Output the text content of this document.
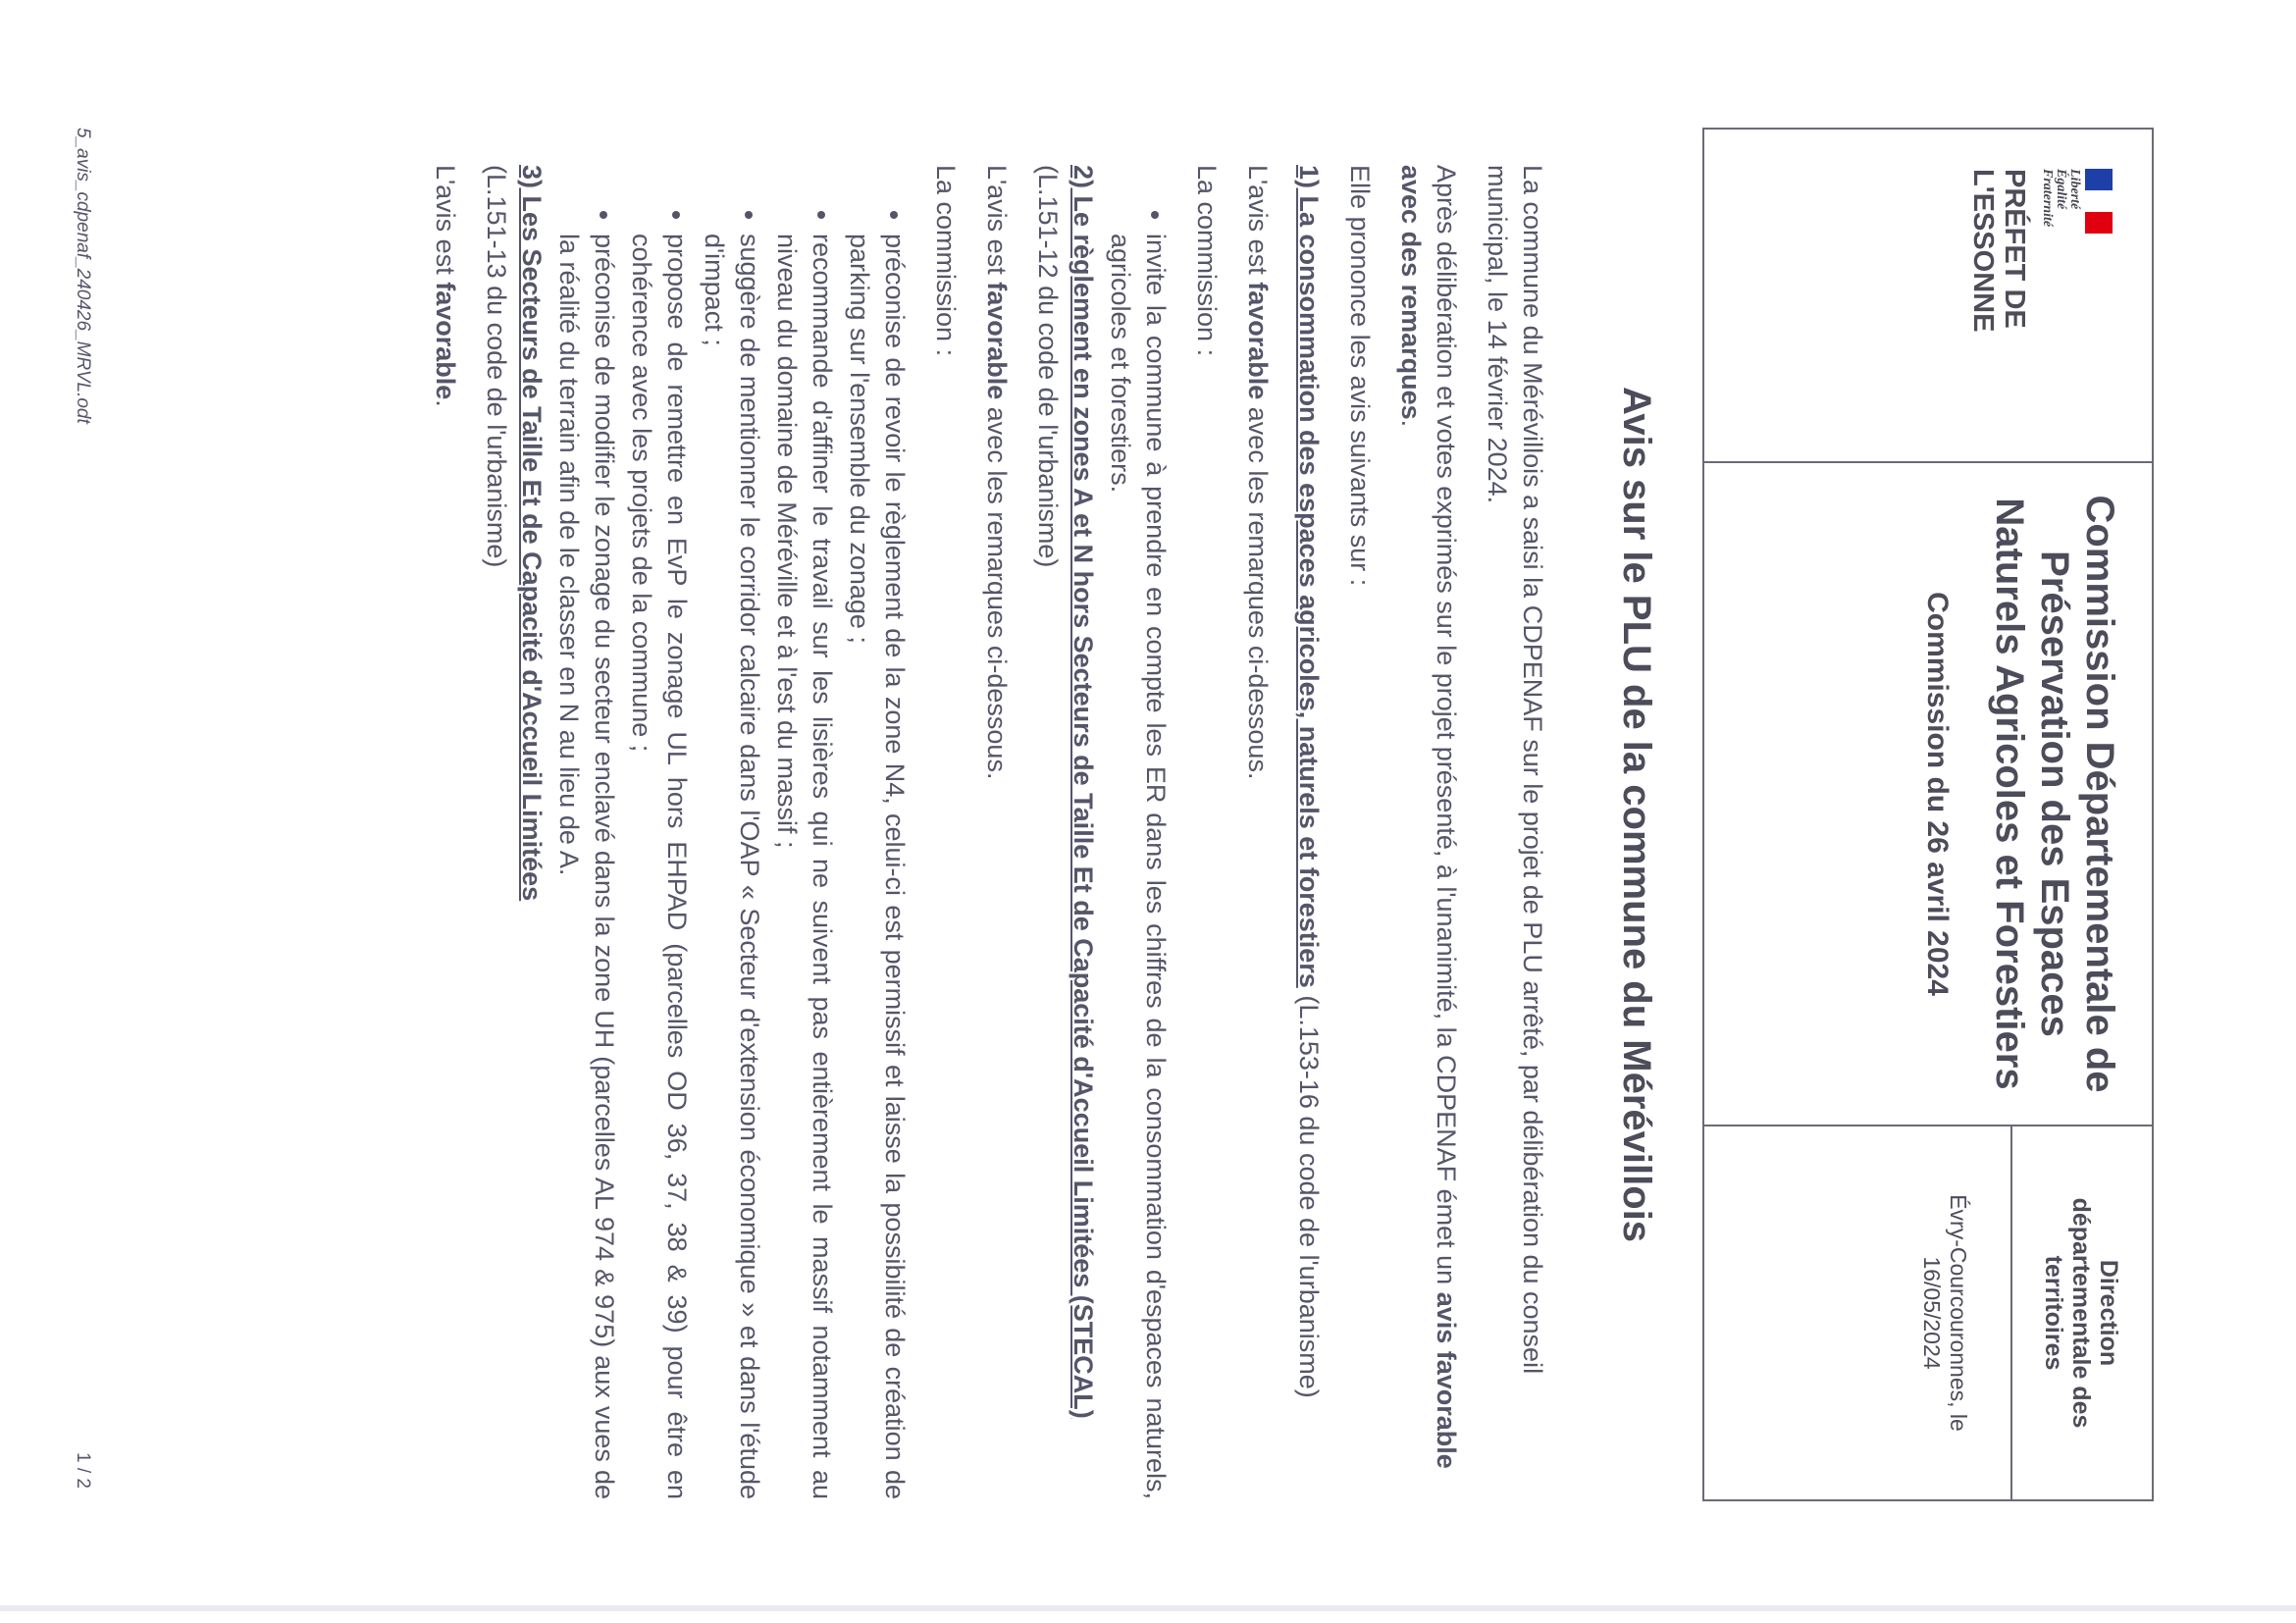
Liberté
Égalité
Fraternité
PRÉFET DE L'ESSONNE
Commission Départementale de Préservation des Espaces Naturels Agricoles et Forestiers
Commission du 26 avril 2024
Direction départementale des territoires
Évry-Courcouronnes, le 16/05/2024
Avis sur le PLU de la commune du Mérévillois

La commune du Mérévillois a saisi la CDPENAF sur le projet de PLU arrêté, par délibération du conseil municipal, le 14 février 2024.

Après délibération et votes exprimés sur le projet présenté, à l'unanimité, la CDPENAF émet un avis favorable avec des remarques.

Elle prononce les avis suivants sur :

1) La consommation des espaces agricoles, naturels et forestiers (L.153-16 du code de l'urbanisme)

L'avis est favorable avec les remarques ci-dessous.

La commission :

• invite la commune à prendre en compte les ER dans les chiffres de la consommation d'espaces naturels, agricoles et forestiers.

2) Le règlement en zones A et N hors Secteurs de Taille Et de Capacité d'Accueil Limitées (STECAL)
(L.151-12 du code de l'urbanisme)

L'avis est favorable avec les remarques ci-dessous.

La commission :

• préconise de revoir le règlement de la zone N4, celui-ci est permissif et laisse la possibilité de création de parking sur l'ensemble du zonage ;
• recommande d'affiner le travail sur les lisières qui ne suivent pas entièrement le massif notamment au niveau du domaine de Méréville et à l'est du massif ;
• suggère de mentionner le corridor calcaire dans l'OAP « Secteur d'extension économique » et dans l'étude d'impact ;
• propose de remettre en EvP le zonage UL hors EHPAD (parcelles OD 36, 37, 38 & 39) pour être en cohérence avec les projets de la commune ;
• préconise de modifier le zonage du secteur enclavé dans la zone UH (parcelles AL 974 & 975) aux vues de la réalité du terrain afin de le classer en N au lieu de A.

3) Les Secteurs de Taille Et de Capacité d'Accueil Limitées
(L.151-13 du code de l'urbanisme)

L'avis est favorable.

5_avis_cdpenaf_240426_MRVL.odt
1 / 2
